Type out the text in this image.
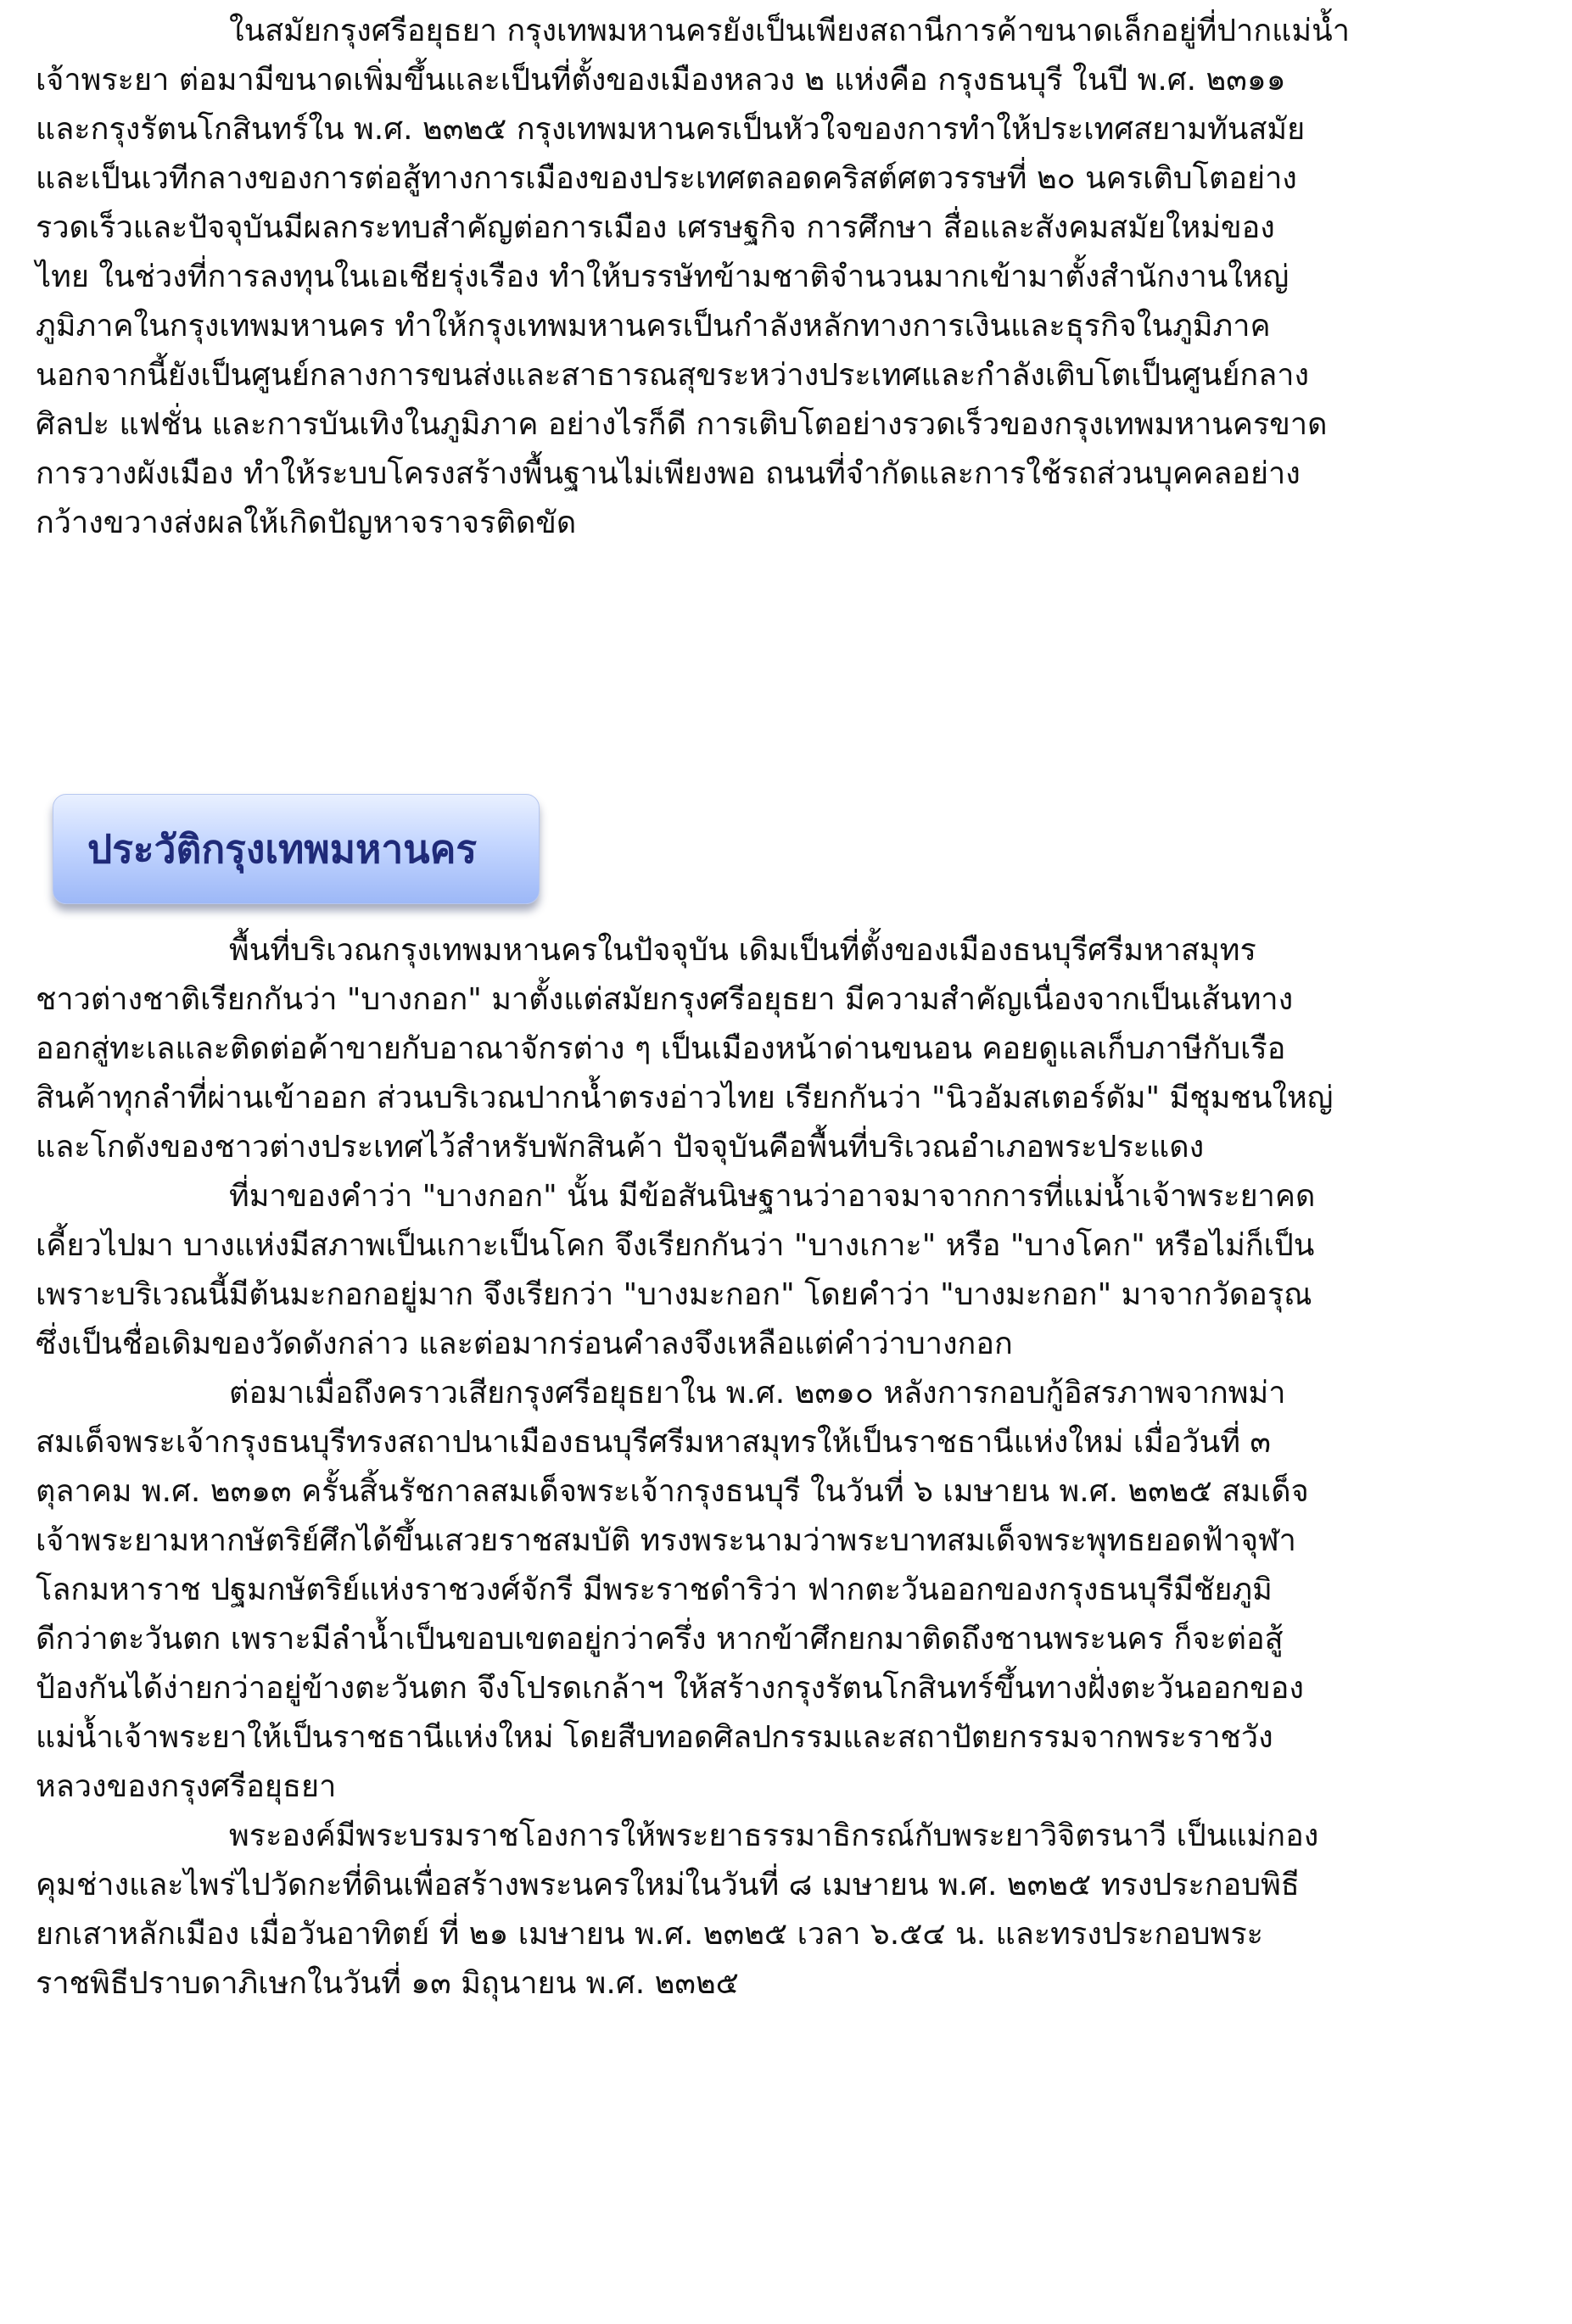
ในสมัยกรุงศรีอยุธยา กรุงเทพมหานครยังเป็นเพียงสถานีการค้าขนาดเล็กอยู่ที่ปากแม่น้ำ
เจ้าพระยา ต่อมามีขนาดเพิ่มขึ้นและเป็นที่ตั้งของเมืองหลวง ๒ แห่งคือ กรุงธนบุรี ในปี พ.ศ. ๒๓๑๑
และกรุงรัตนโกสินทร์ใน พ.ศ. ๒๓๒๕ กรุงเทพมหานครเป็นหัวใจของการทำให้ประเทศสยามทันสมัย
และเป็นเวทีกลางของการต่อสู้ทางการเมืองของประเทศตลอดคริสต์ศตวรรษที่ ๒๐ นครเติบโตอย่าง
รวดเร็วและปัจจุบันมีผลกระทบสำคัญต่อการเมือง เศรษฐกิจ การศึกษา สื่อและสังคมสมัยใหม่ของ
ไทย ในช่วงที่การลงทุนในเอเชียรุ่งเรือง ทำให้บรรษัทข้ามชาติจำนวนมากเข้ามาตั้งสำนักงานใหญ่
ภูมิภาคในกรุงเทพมหานคร ทำให้กรุงเทพมหานครเป็นกำลังหลักทางการเงินและธุรกิจในภูมิภาค
นอกจากนี้ยังเป็นศูนย์กลางการขนส่งและสาธารณสุขระหว่างประเทศและกำลังเติบโตเป็นศูนย์กลาง
ศิลปะ แฟชั่น และการบันเทิงในภูมิภาค อย่างไรก็ดี การเติบโตอย่างรวดเร็วของกรุงเทพมหานครขาด
การวางผังเมือง ทำให้ระบบโครงสร้างพื้นฐานไม่เพียงพอ ถนนที่จำกัดและการใช้รถส่วนบุคคลอย่าง
กว้างขวางส่งผลให้เกิดปัญหาจราจรติดขัด
ประวัติกรุงเทพมหานคร
พื้นที่บริเวณกรุงเทพมหานครในปัจจุบัน เดิมเป็นที่ตั้งของเมืองธนบุรีศรีมหาสมุทร
ชาวต่างชาติเรียกกันว่า "บางกอก" มาตั้งแต่สมัยกรุงศรีอยุธยา มีความสำคัญเนื่องจากเป็นเส้นทาง
ออกสู่ทะเลและติดต่อค้าขายกับอาณาจักรต่าง ๆ เป็นเมืองหน้าด่านขนอน คอยดูแลเก็บภาษีกับเรือ
สินค้าทุกลำที่ผ่านเข้าออก ส่วนบริเวณปากน้ำตรงอ่าวไทย เรียกกันว่า "นิวอัมสเตอร์ดัม" มีชุมชนใหญ่
และโกดังของชาวต่างประเทศไว้สำหรับพักสินค้า ปัจจุบันคือพื้นที่บริเวณอำเภอพระประแดง
ที่มาของคำว่า "บางกอก" นั้น มีข้อสันนิษฐานว่าอาจมาจากการที่แม่น้ำเจ้าพระยาคด
เคี้ยวไปมา บางแห่งมีสภาพเป็นเกาะเป็นโคก จึงเรียกกันว่า "บางเกาะ" หรือ "บางโคก" หรือไม่ก็เป็น
เพราะบริเวณนี้มีต้นมะกอกอยู่มาก จึงเรียกว่า "บางมะกอก" โดยคำว่า "บางมะกอก" มาจากวัดอรุณ
ซึ่งเป็นชื่อเดิมของวัดดังกล่าว และต่อมากร่อนคำลงจึงเหลือแต่คำว่าบางกอก
ต่อมาเมื่อถึงคราวเสียกรุงศรีอยุธยาใน พ.ศ. ๒๓๑๐ หลังการกอบกู้อิสรภาพจากพม่า
สมเด็จพระเจ้ากรุงธนบุรีทรงสถาปนาเมืองธนบุรีศรีมหาสมุทรให้เป็นราชธานีแห่งใหม่ เมื่อวันที่ ๓
ตุลาคม พ.ศ. ๒๓๑๓ ครั้นสิ้นรัชกาลสมเด็จพระเจ้ากรุงธนบุรี ในวันที่ ๖ เมษายน พ.ศ. ๒๓๒๕ สมเด็จ
เจ้าพระยามหากษัตริย์ศึกได้ขึ้นเสวยราชสมบัติ ทรงพระนามว่าพระบาทสมเด็จพระพุทธยอดฟ้าจุฬา
โลกมหาราช ปฐมกษัตริย์แห่งราชวงศ์จักรี มีพระราชดำริว่า ฟากตะวันออกของกรุงธนบุรีมีชัยภูมิ
ดีกว่าตะวันตก เพราะมีลำน้ำเป็นขอบเขตอยู่กว่าครึ่ง หากข้าศึกยกมาติดถึงชานพระนคร ก็จะต่อสู้
ป้องกันได้ง่ายกว่าอยู่ข้างตะวันตก จึงโปรดเกล้าฯ ให้สร้างกรุงรัตนโกสินทร์ขึ้นทางฝั่งตะวันออกของ
แม่น้ำเจ้าพระยาให้เป็นราชธานีแห่งใหม่ โดยสืบทอดศิลปกรรมและสถาปัตยกรรมจากพระราชวัง
หลวงของกรุงศรีอยุธยา
พระองค์มีพระบรมราชโองการให้พระยาธรรมาธิกรณ์กับพระยาวิจิตรนาวี เป็นแม่กอง
คุมช่างและไพร่ไปวัดกะที่ดินเพื่อสร้างพระนครใหม่ในวันที่ ๘ เมษายน พ.ศ. ๒๓๒๕ ทรงประกอบพิธี
ยกเสาหลักเมือง เมื่อวันอาทิตย์ ที่ ๒๑ เมษายน พ.ศ. ๒๓๒๕ เวลา ๖.๕๔ น. และทรงประกอบพระ
ราชพิธีปราบดาภิเษกในวันที่ ๑๓ มิถุนายน พ.ศ. ๒๓๒๕
